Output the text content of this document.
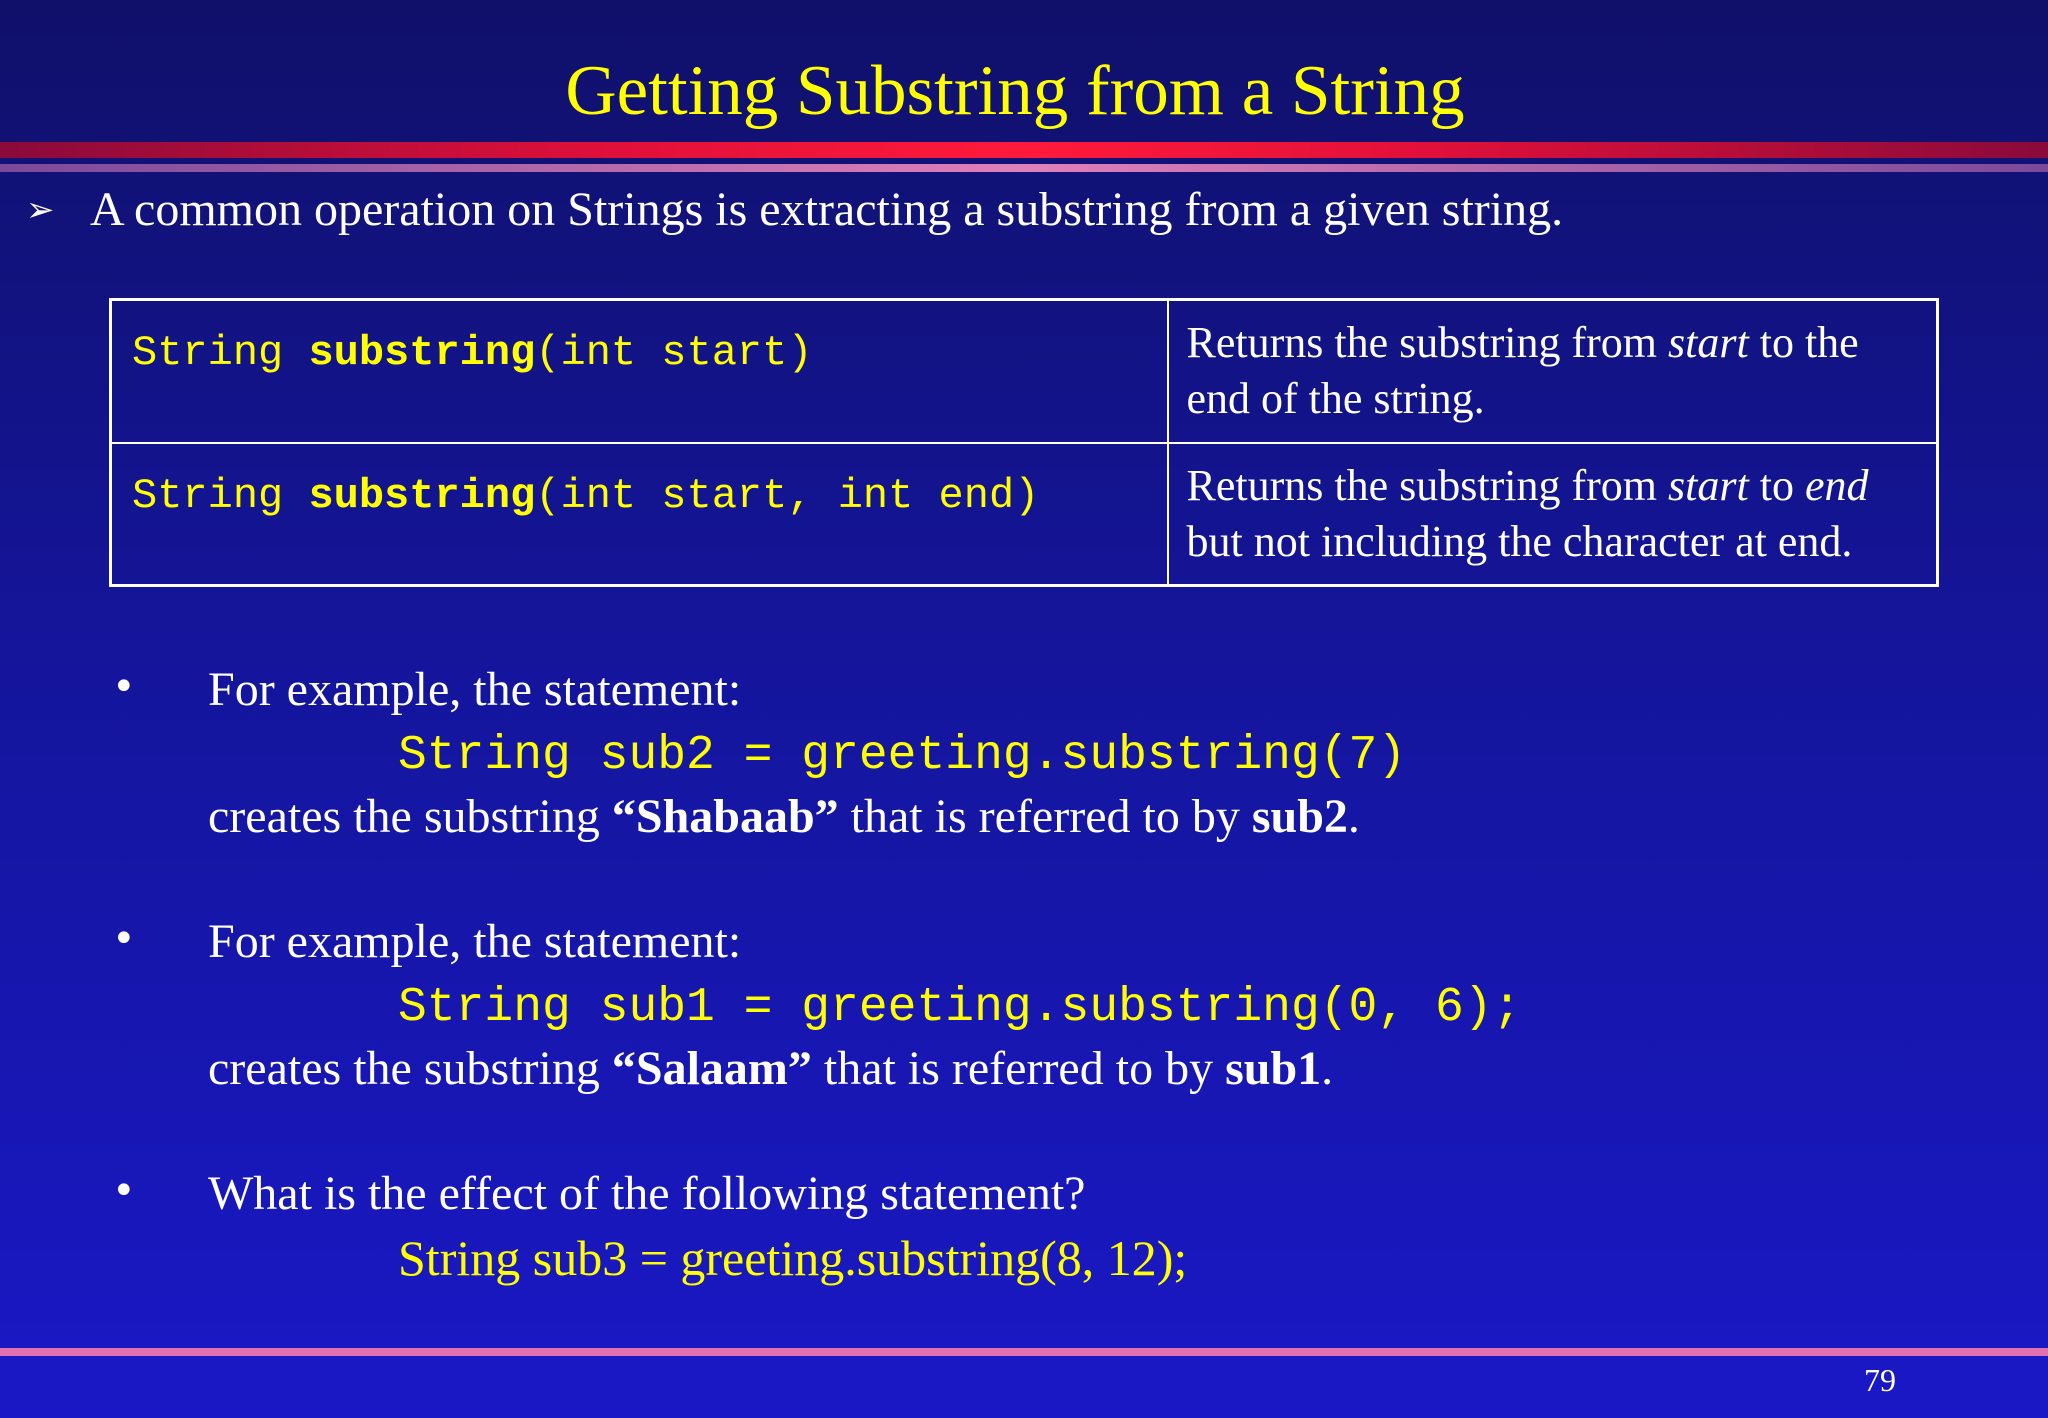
Getting Substring from a String
➢ A common operation on Strings is extracting a substring from a given string.
String substring(int start)	Returns the substring from start to the end of the string.
String substring(int start, int end)	Returns the substring from start to end but not including the character at end.
• For example, the statement:
String sub2 = greeting.substring(7)
creates the substring “Shabaab” that is referred to by sub2.
• For example, the statement:
String sub1 = greeting.substring(0, 6);
creates the substring “Salaam” that is referred to by sub1.
• What is the effect of the following statement?
String sub3 = greeting.substring(8, 12);
79
